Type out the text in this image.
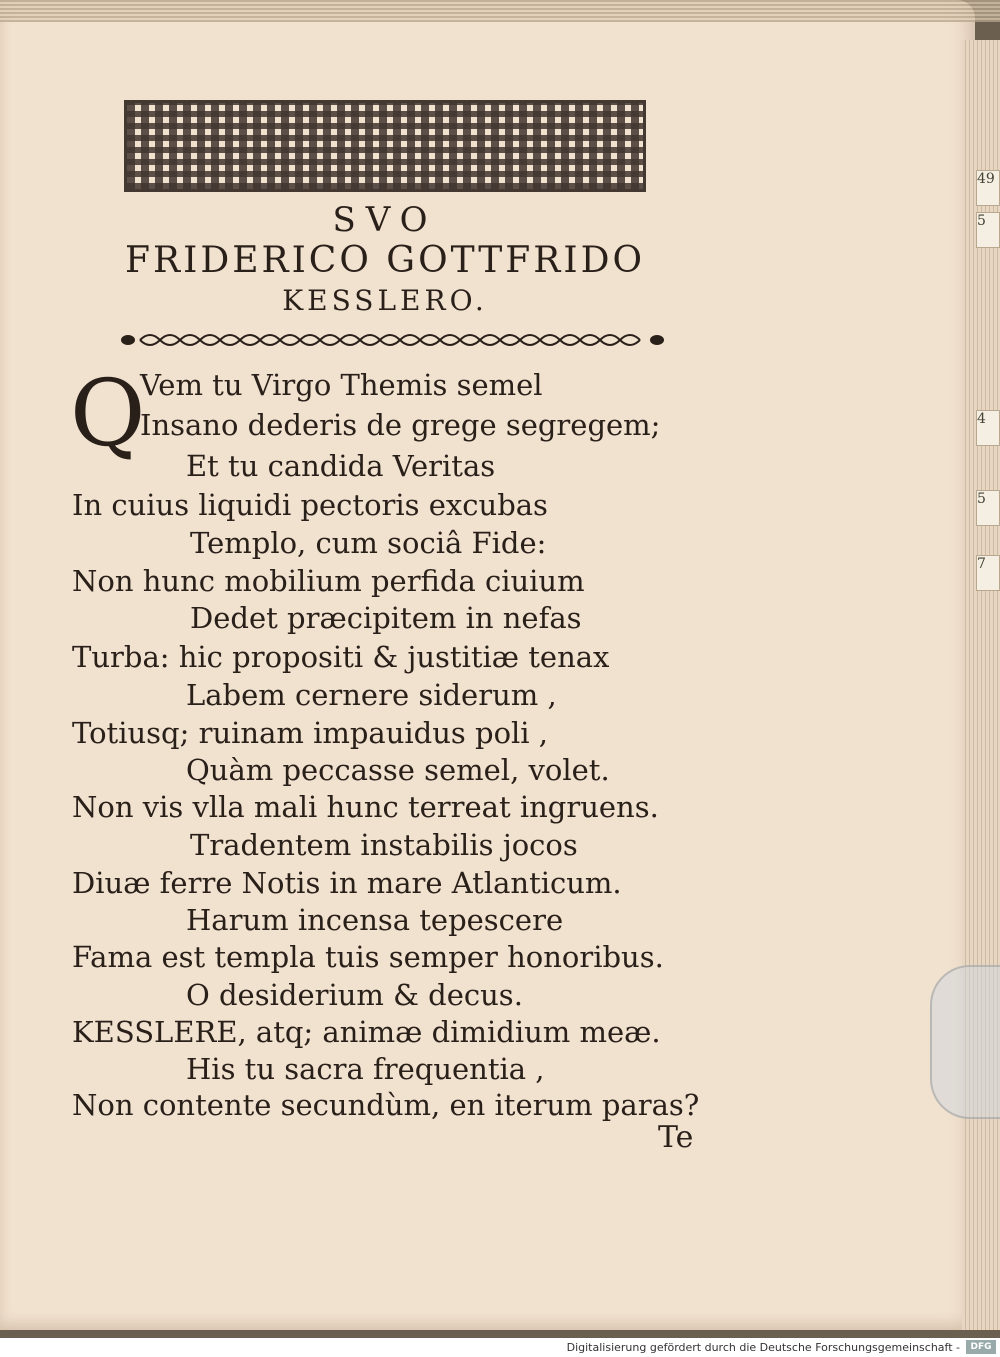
49
5
4
5
7
SVO
FRIDERICO GOTTFRIDO
KESSLERO.
Q
Vem tu Virgo Themis semel
Insano dederis de grege segregem;
Et tu candida Veritas
In cuius liquidi pectoris excubas
Templo, cum sociâ Fide:
Non hunc mobilium perfida ciuium
Dedet præcipitem in nefas
Turba: hic propositi & justitiæ tenax
Labem cernere siderum ,
Totiusq; ruinam impauidus poli ,
Quàm peccasse semel, volet.
Non vis vlla mali hunc terreat ingruens.
Tradentem instabilis jocos
Diuæ ferre Notis in mare Atlanticum.
Harum incensa tepescere
Fama est templa tuis semper honoribus.
O desiderium & decus.
KESSLERE, atq; animæ dimidium meæ.
His tu sacra frequentia ,
Non contente secundùm, en iterum paras?
Te
Digitalisierung gefördert durch die Deutsche Forschungsgemeinschaft -	DFG
